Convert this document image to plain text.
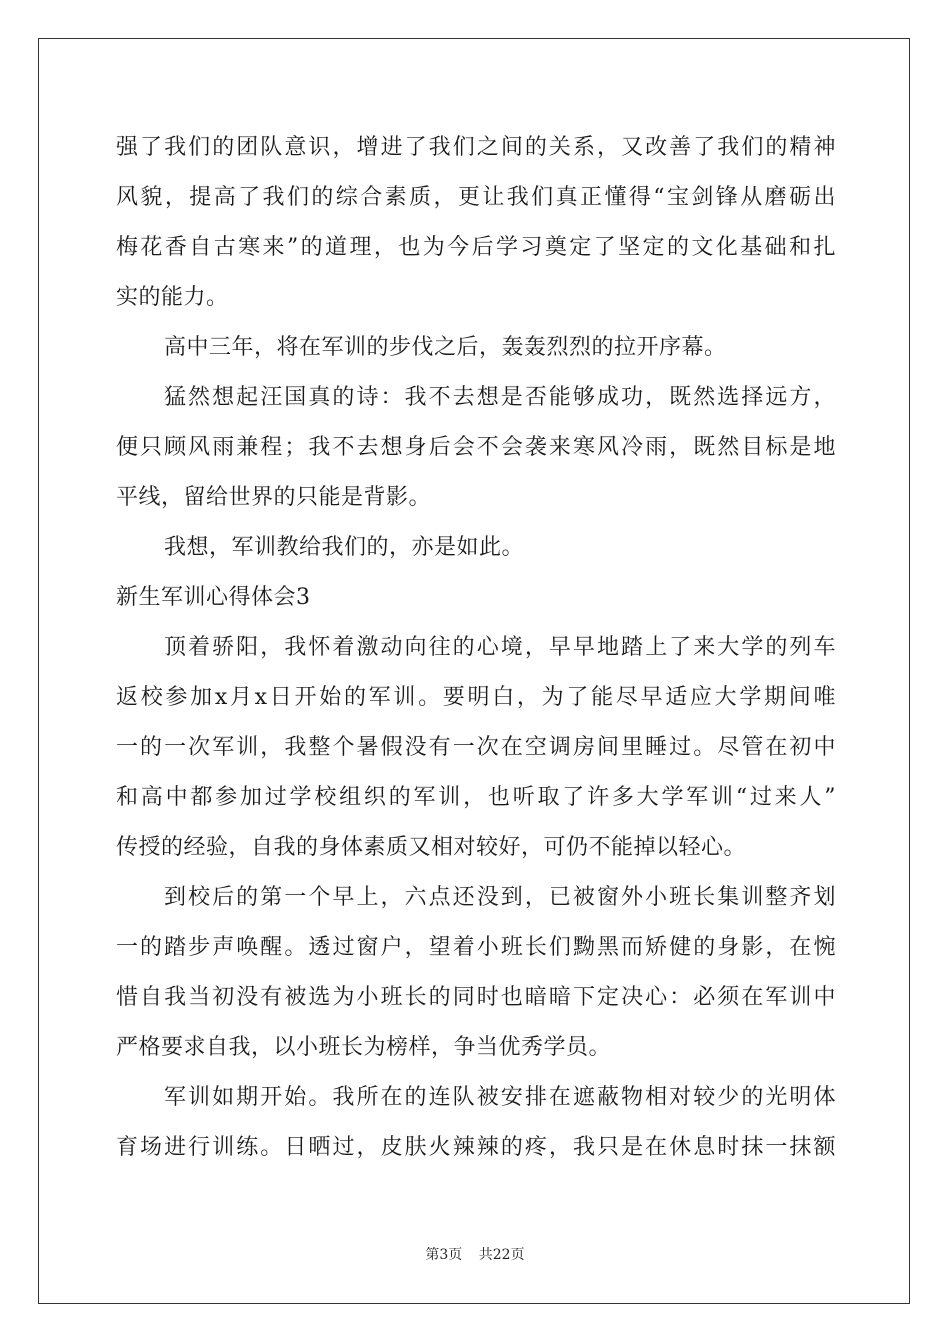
强了我们的团队意识，增进了我们之间的关系，又改善了我们的精神
风貌，提高了我们的综合素质，更让我们真正懂得“宝剑锋从磨砺出
梅花香自古寒来”的道理，也为今后学习奠定了坚定的文化基础和扎
实的能力。
高中三年，将在军训的步伐之后，轰轰烈烈的拉开序幕。
猛然想起汪国真的诗：我不去想是否能够成功，既然选择远方，
便只顾风雨兼程；我不去想身后会不会袭来寒风冷雨，既然目标是地
平线，留给世界的只能是背影。
我想，军训教给我们的，亦是如此。
新生军训心得体会3
顶着骄阳，我怀着激动向往的心境，早早地踏上了来大学的列车
返校参加x月x日开始的军训。要明白，为了能尽早适应大学期间唯
一的一次军训，我整个暑假没有一次在空调房间里睡过。尽管在初中
和高中都参加过学校组织的军训，也听取了许多大学军训“过来人”
传授的经验，自我的身体素质又相对较好，可仍不能掉以轻心。
到校后的第一个早上，六点还没到，已被窗外小班长集训整齐划
一的踏步声唤醒。透过窗户，望着小班长们黝黑而矫健的身影，在惋
惜自我当初没有被选为小班长的同时也暗暗下定决心：必须在军训中
严格要求自我，以小班长为榜样，争当优秀学员。
军训如期开始。我所在的连队被安排在遮蔽物相对较少的光明体
育场进行训练。日晒过，皮肤火辣辣的疼，我只是在休息时抹一抹额
第3页 共22页
